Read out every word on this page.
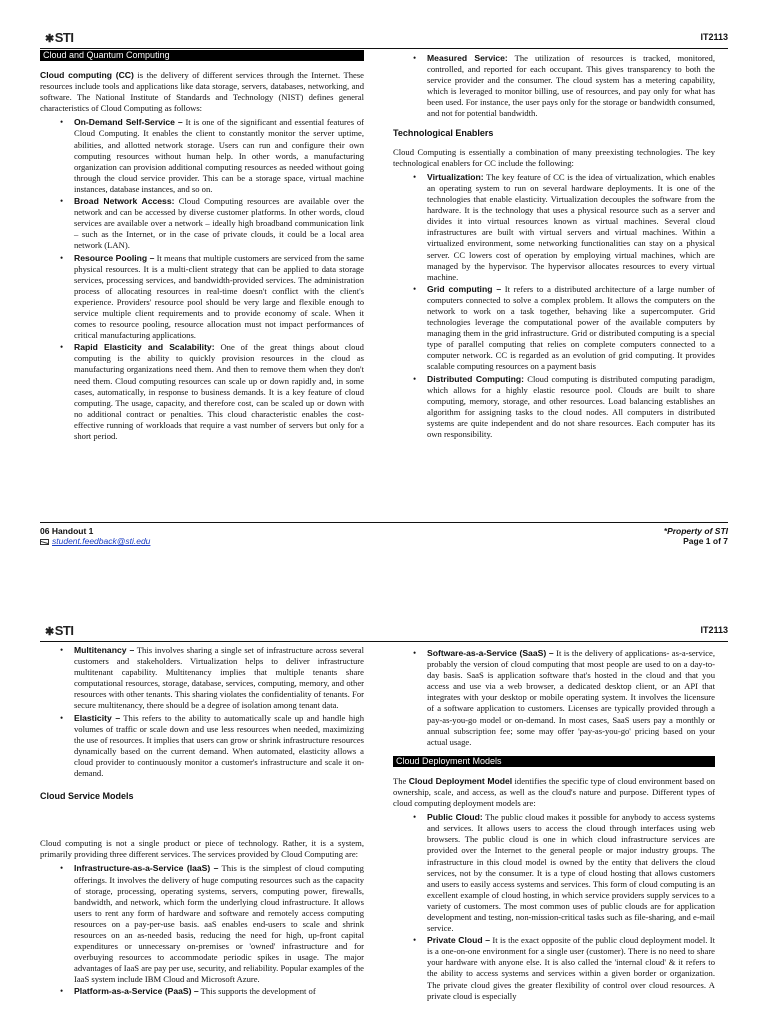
✱STI	IT2113
Cloud and Quantum Computing

Cloud computing (CC) is the delivery of different services through the Internet. These resources include tools and applications like data storage, servers, databases, networking, and software. The National Institute of Standards and Technology (NIST) defines general characteristics of Cloud Computing as follows:

• On-Demand Self-Service – It is one of the significant and essential features of Cloud Computing. It enables the client to constantly monitor the server uptime, abilities, and allotted network storage. Users can run and configure their own computing resources without human help. In other words, a manufacturing organization can provision additional computing resources as needed without going through the cloud service provider. This can be a storage space, virtual machine instances, database instances, and so on.
• Broad Network Access: Cloud Computing resources are available over the network and can be accessed by diverse customer platforms. In other words, cloud services are available over a network – ideally high broadband communication link – such as the Internet, or in the case of private clouds, it could be a local area network (LAN).
• Resource Pooling – It means that multiple customers are serviced from the same physical resources. It is a multi-client strategy that can be applied to data storage services, processing services, and bandwidth-provided services. The administration process of allocating resources in real-time doesn't conflict with the client's experience. Providers' resource pool should be very large and flexible enough to service multiple client requirements and to provide economy of scale. When it comes to resource pooling, resource allocation must not impact performances of critical manufacturing applications.
• Rapid Elasticity and Scalability: One of the great things about cloud computing is the ability to quickly provision resources in the cloud as manufacturing organizations need them. And then to remove them when they don't need them. Cloud computing resources can scale up or down rapidly and, in some cases, automatically, in response to business demands. It is a key feature of cloud computing. The usage, capacity, and therefore cost, can be scaled up or down with no additional contract or penalties. This cloud characteristic enables the cost-effective running of workloads that require a vast number of servers but only for a short period.
• Measured Service: The utilization of resources is tracked, monitored, controlled, and reported for each occupant. This gives transparency to both the service provider and the consumer. The cloud system has a metering capability, which is leveraged to monitor billing, use of resources, and pay only for what has been used. For instance, the user pays only for the storage or bandwidth consumed, and not for potential bandwidth.
Technological Enablers

Cloud Computing is essentially a combination of many preexisting technologies. The key technological enablers for CC include the following:

• Virtualization: The key feature of CC is the idea of virtualization, which enables an operating system to run on several hardware deployments. It is one of the technologies that enable elasticity. Virtualization decouples the software from the hardware. It is the technology that uses a physical resource such as a server and divides it into virtual resources known as virtual machines. Several cloud infrastructures are built with virtual servers and virtual machines. Within a virtualized environment, some networking functionalities can stay on a physical server. CC lowers cost of operation by employing virtual machines, which are managed by the hypervisor. The hypervisor allocates resources to every virtual machine.
• Grid computing – It refers to a distributed architecture of a large number of computers connected to solve a complex problem. It allows the computers on the network to work on a task together, behaving like a supercomputer. Grid technologies leverage the computational power of the available computers by managing them in the grid infrastructure. Grid or distributed computing is a special type of parallel computing that relies on complete computers connected to a computer network. CC is regarded as an evolution of grid computing. It provides scalable computing resources on a payment basis
• Distributed Computing: Cloud computing is distributed computing paradigm, which allows for a highly elastic resource pool. Clouds are built to share computing, memory, storage, and other resources. Load balancing establishes an algorithm for assigning tasks to the cloud nodes. All computers in distributed systems are quite independent and do not share resources. Each computer has its own responsibility.
06 Handout 1
student.feedback@sti.edu
*Property of STI
Page 1 of 7
✱STI	IT2113
• Multitenancy – This involves sharing a single set of infrastructure across several customers and stakeholders. Virtualization helps to deliver infrastructure multitenant capability. Multitenancy implies that multiple tenants share computational resources, storage, database, services, computing, memory, and other resources with other tenants. This sharing violates the confidentiality of tenants. For secure multitenancy, there should be a degree of isolation among tenant data.
• Elasticity – This refers to the ability to automatically scale up and handle high volumes of traffic or scale down and use less resources when needed, maximizing the use of resources. It implies that users can grow or shrink infrastructure resources dynamically based on the current demand. When automated, elasticity allows a cloud provider to continuously monitor a customer's infrastructure and scale it on-demand.
Cloud Service Models

Cloud computing is not a single product or piece of technology. Rather, it is a system, primarily providing three different services. The services provided by Cloud Computing are:

• Infrastructure-as-a-Service (IaaS) – This is the simplest of cloud computing offerings. It involves the delivery of huge computing resources such as the capacity of storage, processing, operating systems, servers, computing power, firewalls, bandwidth, and network, which form the underlying cloud infrastructure. It allows users to rent any form of hardware and software and remotely access computing resources on a pay-per-use basis. aaS enables end-users to scale and shrink resources on an as-needed basis, reducing the need for high, up-front capital expenditures or unnecessary on-premises or 'owned' infrastructure and for overbuying resources to accommodate periodic spikes in usage. The major advantages of IaaS are pay per use, security, and reliability. Popular examples of the IaaS system include IBM Cloud and Microsoft Azure.
• Platform-as-a-Service (PaaS) – This supports the development of
• Software-as-a-Service (SaaS) – It is the delivery of applications- as-a-service, probably the version of cloud computing that most people are used to on a day-to-day basis. SaaS is application software that's hosted in the cloud and that you access and use via a web browser, a dedicated desktop client, or an API that integrates with your desktop or mobile operating system. It involves the licensure of a software application to customers. Licenses are typically provided through a pay-as-you-go model or on-demand. In most cases, SaaS users pay a monthly or annual subscription fee; some may offer 'pay-as-you-go' pricing based on your actual usage.
Cloud Deployment Models

The Cloud Deployment Model identifies the specific type of cloud environment based on ownership, scale, and access, as well as the cloud's nature and purpose. Different types of cloud computing deployment models are:

• Public Cloud: The public cloud makes it possible for anybody to access systems and services. It allows users to access the cloud through interfaces using web browsers. The public cloud is one in which cloud infrastructure services are provided over the Internet to the general people or major industry groups. The infrastructure in this cloud model is owned by the entity that delivers the cloud services, not by the consumer. It is a type of cloud hosting that allows customers and users to easily access systems and services. This form of cloud computing is an excellent example of cloud hosting, in which service providers supply services to a variety of customers. The most common uses of public clouds are for application development and testing, non-mission-critical tasks such as file-sharing, and e-mail service.
• Private Cloud – It is the exact opposite of the public cloud deployment model. It is a one-on-one environment for a single user (customer). There is no need to share your hardware with anyone else. It is also called the 'internal cloud' & it refers to the ability to access systems and services within a given border or organization. The private cloud gives the greater flexibility of control over cloud resources. A private cloud is especially
